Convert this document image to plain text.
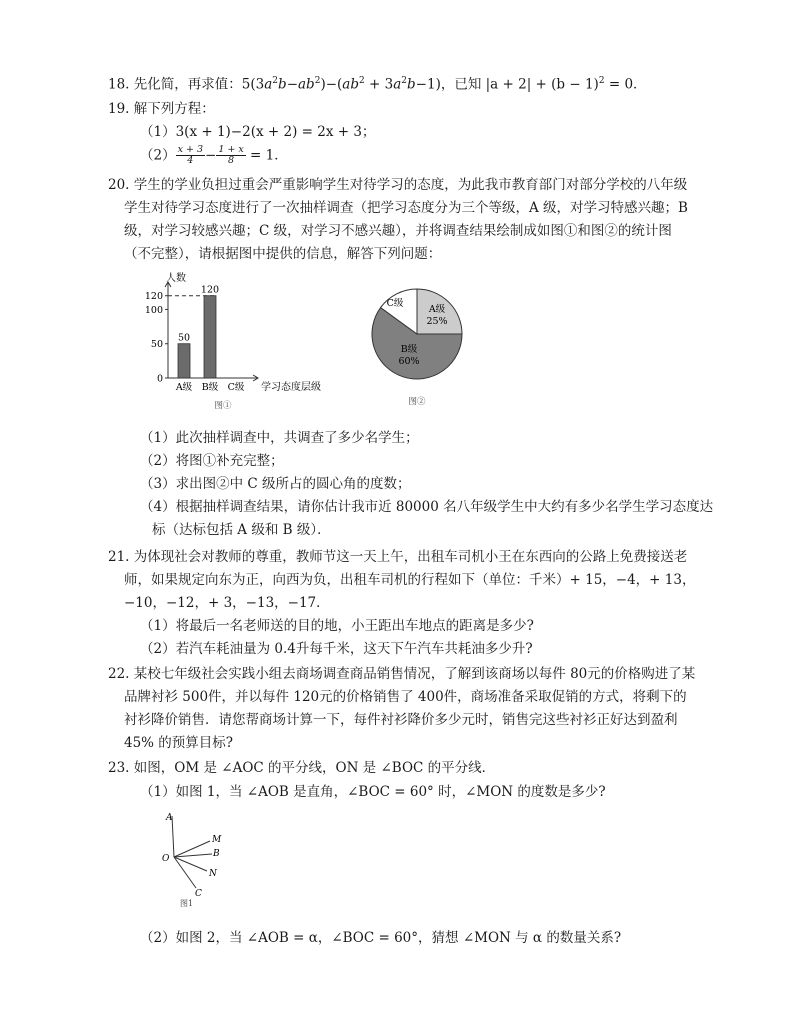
18. 先化简，再求值：$5(3a^2b-ab^2)-(ab^2 + 3a^2b-1)$，已知 $|a + 2| + (b - 1)^2 = 0$．
19. 解下列方程：
（1）3(x + 1)−2(x + 2) = 2x + 3；
$(2) \frac{x + 3}{4} - \frac{1 + x}{8} = 1$．
20. 学生的学业负担过重会严重影响学生对待学习的态度，为此我市教育部门对部分学校的八年级
学生对待学习态度进行了一次抽样调查（把学习态度分为三个等级，A 级，对学习特感兴趣；B
级，对学习较感兴趣；C 级，对学习不感兴趣），并将调查结果绘制成如图①和图②的统计图
（不完整），请根据图中提供的信息，解答下列问题：
人数
学习态度层级
0
50
100
120
50
A级
120
B级 C级
图①
A级
25%
B级
60%
C级
图②
（1）此次抽样调查中，共调查了多少名学生；
（2）将图①补充完整；
（3）求出图②中 C 级所占的圆心角的度数；
（4）根据抽样调查结果，请你估计我市近 80000 名八年级学生中大约有多少名学生学习态度达
标（达标包括 A 级和 B 级）．
21. 为体现社会对教师的尊重，教师节这一天上午，出租车司机小王在东西向的公路上免费接送老
师，如果规定向东为正，向西为负，出租车司机的行程如下（单位：千米）+ 15，−4，+ 13，
−10，−12，+ 3，−13，−17．
（1）将最后一名老师送的目的地，小王距出车地点的距离是多少?
（2）若汽车耗油量为 0.4升每千米，这天下午汽车共耗油多少升?
22. 某校七年级社会实践小组去商场调查商品销售情况，了解到该商场以每件 80元的价格购进了某
品牌衬衫 500件，并以每件 120元的价格销售了 400件，商场准备采取促销的方式，将剩下的
衬衫降价销售．请您帮商场计算一下，每件衬衫降价多少元时，销售完这些衬衫正好达到盈利
45% 的预算目标?
23. 如图，OM 是 ∠AOC 的平分线，ON 是 ∠BOC 的平分线．
（1）如图 1，当 ∠AOB 是直角，∠BOC = 60° 时，∠MON 的度数是多少?
A
M
B
N
C
O
图1
（2）如图 2，当 ∠AOB = α，∠BOC = 60°，猜想 ∠MON 与 α 的数量关系?
